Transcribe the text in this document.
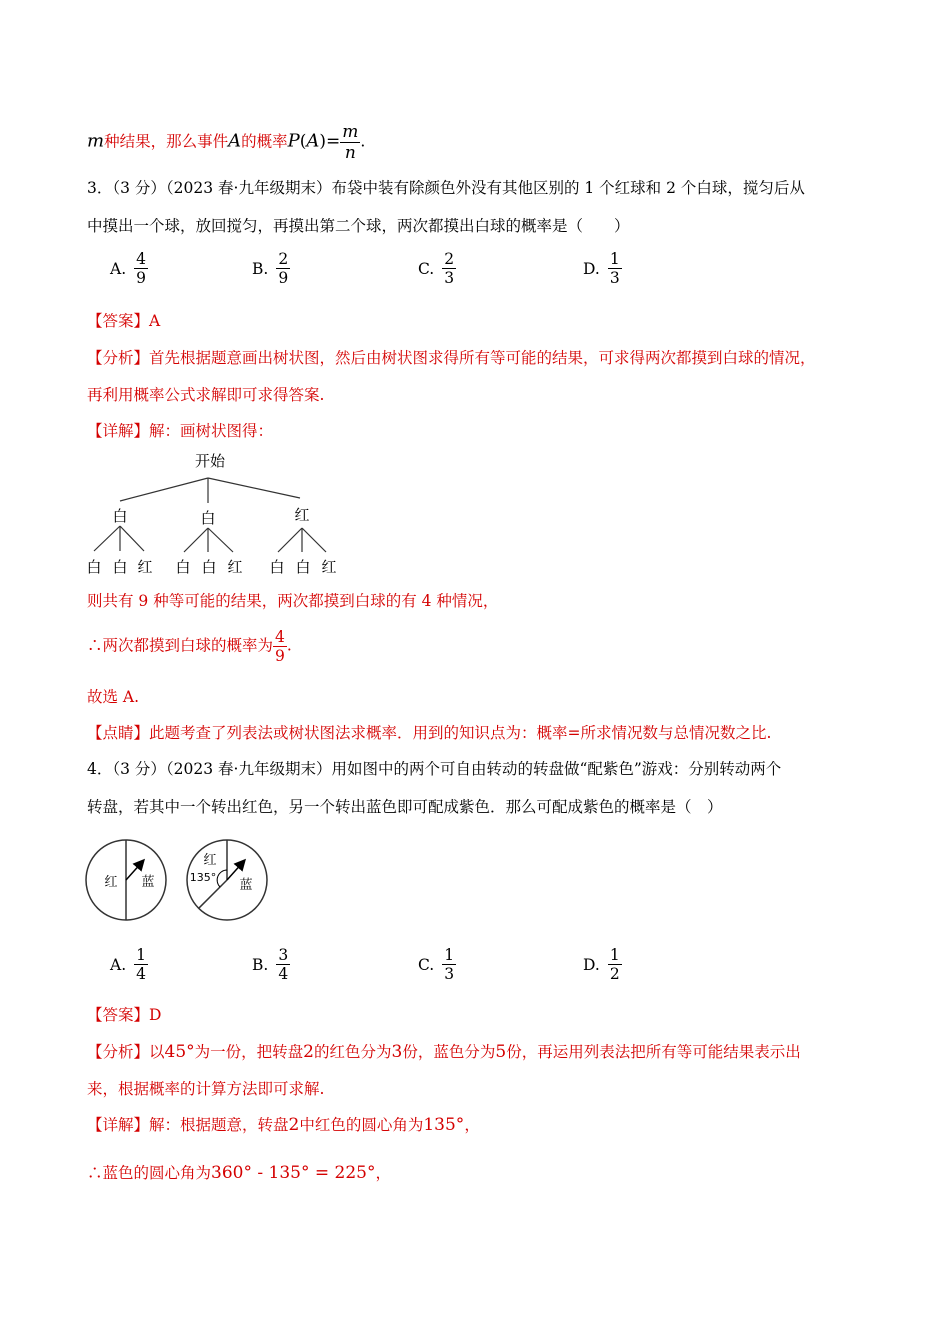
m种结果，那么事件A的概率$P(A)= \frac{m}{n}$ .
3．（3 分）（2023 春·九年级期末）布袋中装有除颜色外没有其他区别的 1 个红球和 2 个白球，搅匀后从
中摸出一个球，放回搅匀，再摸出第二个球，两次都摸出白球的概率是（　　）
A. $\frac{4}{9}$	B. $\frac{2}{9}$	C. $\frac{2}{3}$	D. $\frac{1}{3}$
【答案】A
【分析】首先根据题意画出树状图，然后由树状图求得所有等可能的结果，可求得两次都摸到白球的情况，
再利用概率公式求解即可求得答案.
【详解】解：画树状图得：
开始
白	白	红
白 白 红 白 白 红 白 白 红
则共有 9 种等可能的结果，两次都摸到白球的有 4 种情况，
∴两次都摸到白球的概率为 $\frac{4}{9}$ .
故选 A.
【点睛】此题考查了列表法或树状图法求概率．用到的知识点为：概率=所求情况数与总情况数之比.
4．（3 分）（2023 春·九年级期末）用如图中的两个可自由转动的转盘做“配紫色”游戏：分别转动两个
转盘，若其中一个转出红色，另一个转出蓝色即可配成紫色．那么可配成紫色的概率是（　）
红 蓝
红
135°
蓝
A. $\frac{1}{4}$	B. $\frac{3}{4}$	C. $\frac{1}{3}$	D. $\frac{1}{2}$
【答案】D
【分析】以45°为一份，把转盘2的红色分为3份，蓝色分为5份，再运用列表法把所有等可能结果表示出
来，根据概率的计算方法即可求解.
【详解】解：根据题意，转盘2中红色的圆心角为135°，
∴蓝色的圆心角为360° - 135° = 225°，
